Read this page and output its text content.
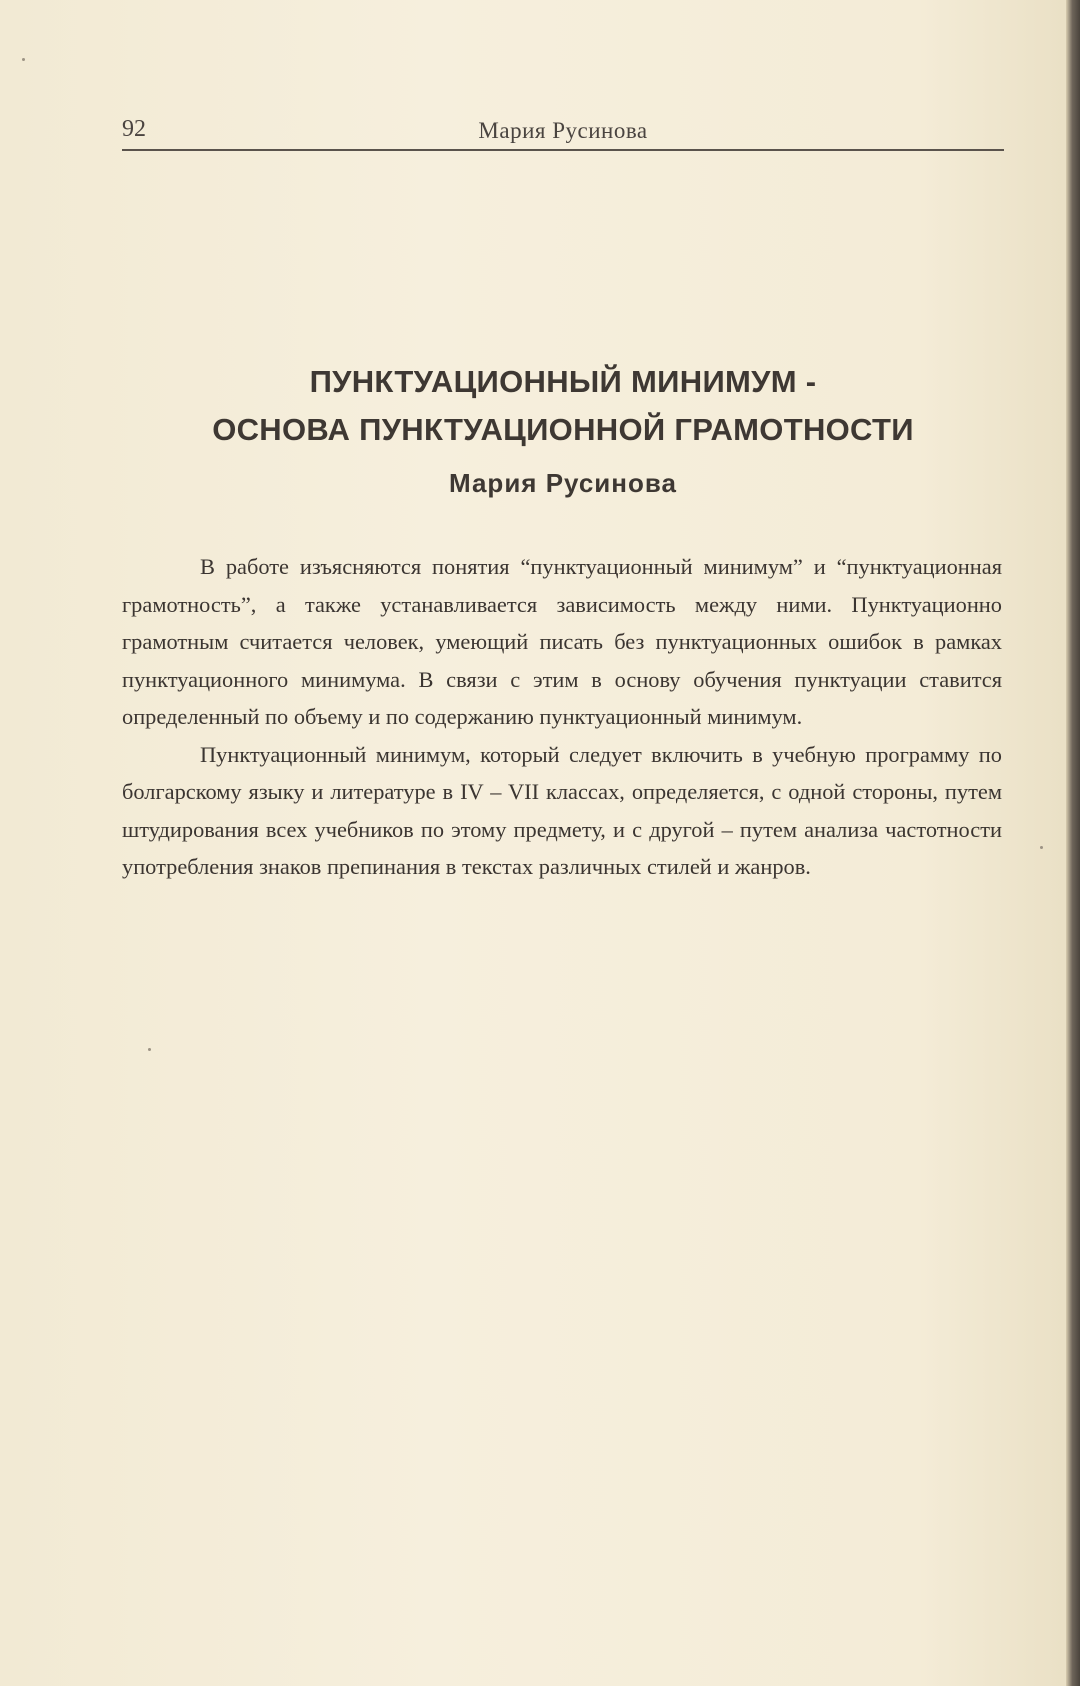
92	Мария Русинова
ПУНКТУАЦИОННЫЙ МИНИМУМ -
ОСНОВА ПУНКТУАЦИОННОЙ ГРАМОТНОСТИ
Мария Русинова

В работе изъясняются понятия “пунктуационный минимум” и “пунктуационная грамотность”, а также устанавливается зависимость между ними. Пунктуационно грамотным считается человек, умеющий писать без пунктуационных ошибок в рамках пунктуационного минимума. В связи с этим в основу обучения пунктуации ставится определенный по объему и по содержанию пунктуационный минимум.

Пунктуационный минимум, который следует включить в учебную программу по болгарскому языку и литературе в IV – VII классах, определяется, с одной стороны, путем штудирования всех учебников по этому предмету, и с другой – путем анализа частотности употребления знаков препинания в текстах различных стилей и жанров.
